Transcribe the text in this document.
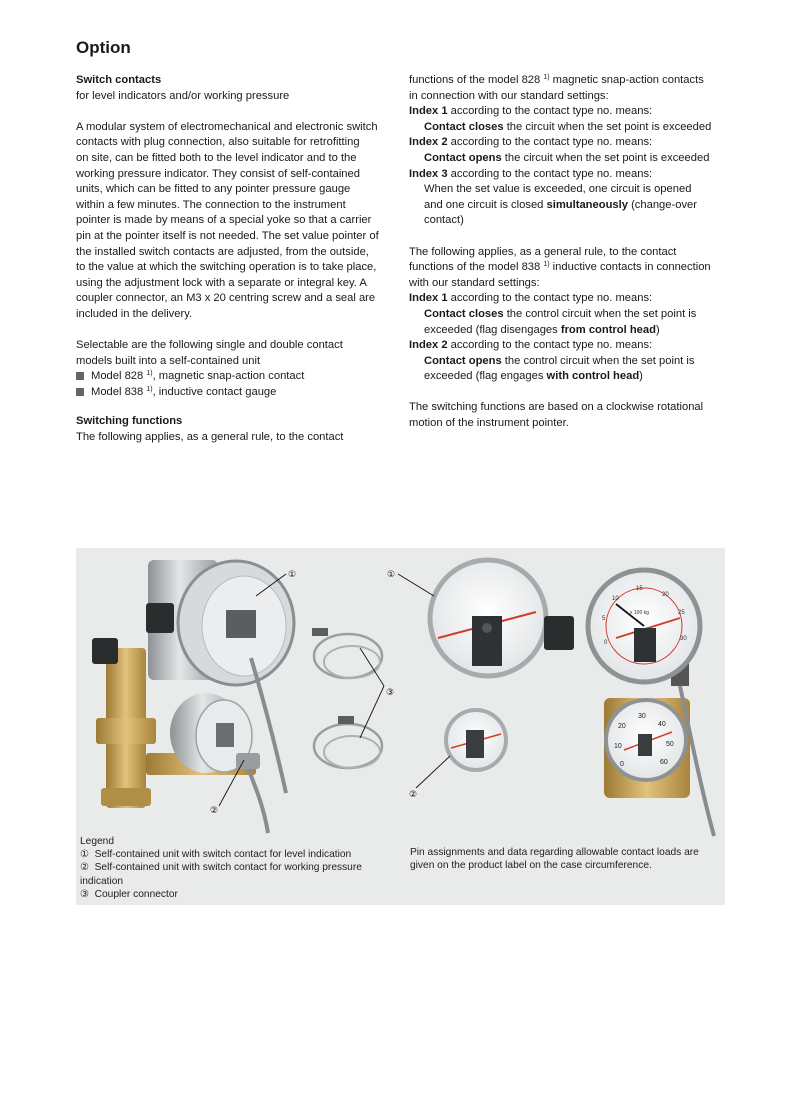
Option

Switch contacts

for level indicators and/or working pressure

A modular system of electromechanical and electronic switch

contacts with plug connection, also suitable for retrofitting

on site, can be fitted both to the level indicator and to the

working pressure indicator. They consist of self-contained

units, which can be fitted to any pointer pressure gauge

within a few minutes. The connection to the instrument

pointer is made by means of a special yoke so that a carrier

pin at the pointer itself is not needed. The set value pointer of

the installed switch contacts are adjusted, from the outside,

to the value at which the switching operation is to take place,

using the adjustment lock with a separate or integral key. A

coupler connector, an M3 x 20 centring screw and a seal are

included in the delivery.

Selectable are the following single and double contact

models built into a self-contained unit

Model 828 $^{1)}$, magnetic snap-action contact
Model 838 $^{1)}$, inductive contact gauge

Switching functions

The following applies, as a general rule, to the contact

functions of the model 828 $^{1)}$ magnetic snap-action contacts

in connection with our standard settings:

Index 1 according to the contact type no. means:

Contact closes the circuit when the set point is exceeded

Index 2 according to the contact type no. means:

Contact opens the circuit when the set point is exceeded

Index 3 according to the contact type no. means:

When the set value is exceeded, one circuit is opened

and one circuit is closed simultaneously (change-over

contact)

The following applies, as a general rule, to the contact

functions of the model 838 $^{1)}$ inductive contacts in connection

with our standard settings:

Index 1 according to the contact type no. means:

Contact closes the control circuit when the set point is

exceeded (flag disengages from control head)

Index 2 according to the contact type no. means:

Contact opens the control circuit when the set point is

exceeded (flag engages with control head)

The switching functions are based on a clockwise rotational

motion of the instrument pointer.

0
5
10
15
20
25
30
x 100 kg
0
10
20
30
40
50
60
①
②
③
①
②

Legend

① Self-contained unit with switch contact for level indication

② Self-contained unit with switch contact for working pressure

indication

③ Coupler connector

Pin assignments and data regarding allowable contact loads are
given on the product label on the case circumference.
